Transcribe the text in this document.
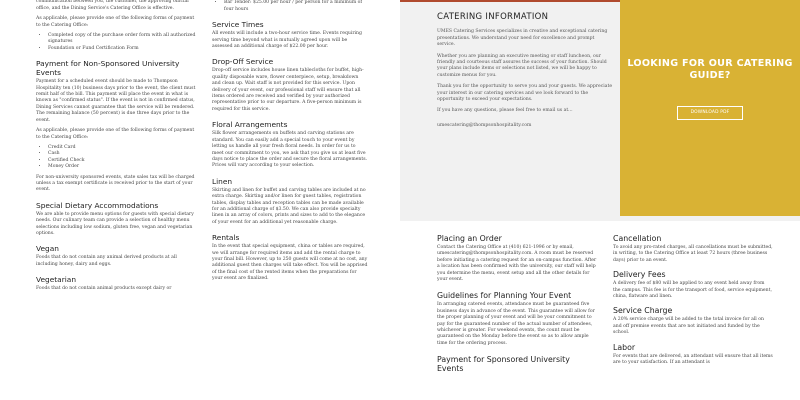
communication between you, the customer, the approving official office, and the Dining Service's Catering Office is effective.

As applicable, please provide one of the following forms of payment to the Catering Office:

• Completed copy of the purchase order form with all authorized signatures
• Foundation or Fund Certification Form
Payment for Non-Sponsored University Events

Payment for a scheduled event should be made to Thompson Hospitality ten (10) business days prior to the event, the client must remit half of the bill. This payment will place the event in what is known as "confirmed status". If the event is not in confirmed status, Dining Services cannot guarantee that the service will be rendered. The remaining balance (50 percent) is due three days prior to the event.

As applicable, please provide one of the following forms of payment to the Catering Office:

• Credit Card
• Cash
• Certified Check
• Money Order

For non-university sponsored events, state sales tax will be charged unless a tax exempt certificate is received prior to the start of your event.

Special Dietary Accommodations

We are able to provide menu options for guests with special dietary needs. Our culinary team can provide a selection of healthy menu selections including low sodium, gluten free, vegan and vegetarian options.

Vegan

Foods that do not contain any animal derived products at all including honey, dairy and eggs.

Vegetarian

Foods that do not contain animal products except dairy or

•
• Bar Tender: $25.00 per hour / per person for a minimum of four hours
Service Times

All events will include a two-hour service time. Events requiring serving time beyond what is mutually agreed upon will be assessed an additional charge of $22.00 per hour.

Drop-Off Service

Drop-off service includes house linen tablecloths for buffet, high-quality disposable ware, flower centerpiece, setup, breakdown and clean up. Wait staff is not provided for this service. Upon delivery of your event, our professional staff will ensure that all items ordered are received and verified by your authorized representative prior to our departure. A five-person minimum is required for this service.

Floral Arrangements

Silk flower arrangements on buffets and carving stations are standard. You can easily add a special touch to your event by letting us handle all your fresh floral needs. In order for us to meet our commitment to you, we ask that you give us at least five days notice to place the order and secure the floral arrangements. Prices will vary according to your selection.

Linen

Skirting and linen for buffet and carving tables are included at no extra charge. Skirting and/or linen for guest tables, registration tables, display tables and reception tables can be made available for an additional charge of $3.50. We can also provide specialty linen in an array of colors, prints and sizes to add to the elegance of your event for an additional yet reasonable charge.

Rentals

In the event that special equipment, china or tables are required, we will arrange for required items and add the rental charge to your final bill. However, up to 250 guests will come at no cost, any additional guest then charges will take effect. You will be apprised of the final cost of the rented items when the preparations for your event are finalized.

CATERING INFORMATION

UMES Catering Services specializes in creative and exceptional catering presentations. We understand your need for excellence and prompt service.

Whether you are planning an executive meeting or staff luncheon, our friendly and courteous staff assures the success of your function. Should your plans include items or selections not listed, we will be happy to customize menus for you.

Thank you for the opportunity to serve you and your guests. We appreciate your interest in our catering services and we look forward to the opportunity to exceed your expectations.

If you have any questions, please feel free to email us at...

umescatering@thompsonhospitality.com

LOOKING FOR OUR CATERING GUIDE?
DOWNLOAD PDF
Placing an Order

Contact the Catering Office at (410) 621-1996 or by email, umescatering@thompsonhospitality.com. A room must be reserved before initiating a catering request for an on-campus function. After a location has been confirmed with the university, our staff will help you determine the menu, event setup and all the other details for your event.

Guidelines for Planning Your Event

In arranging catered events, attendance must be guaranteed five business days in advance of the event. This guarantee will allow for the proper planning of your event and will be your commitment to pay for the guaranteed number of the actual number of attendees, whichever is greater. For weekend events, the count must be guaranteed on the Monday before the event so as to allow ample time for the ordering process.

Payment for Sponsored University Events
Cancellation

To avoid any pro-rated charges, all cancellations must be submitted, in writing, to the Catering Office at least 72 hours (three business days) prior to an event.

Delivery Fees

A delivery fee of $80 will be applied to any event held away from the campus. This fee is for the transport of food, service equipment, china, flatware and linen.

Service Charge

A 20% service charge will be added to the total invoice for all on and off premise events that are not initiated and funded by the school.

Labor

For events that are delivered, an attendant will ensure that all items are to your satisfaction. If an attendant is
